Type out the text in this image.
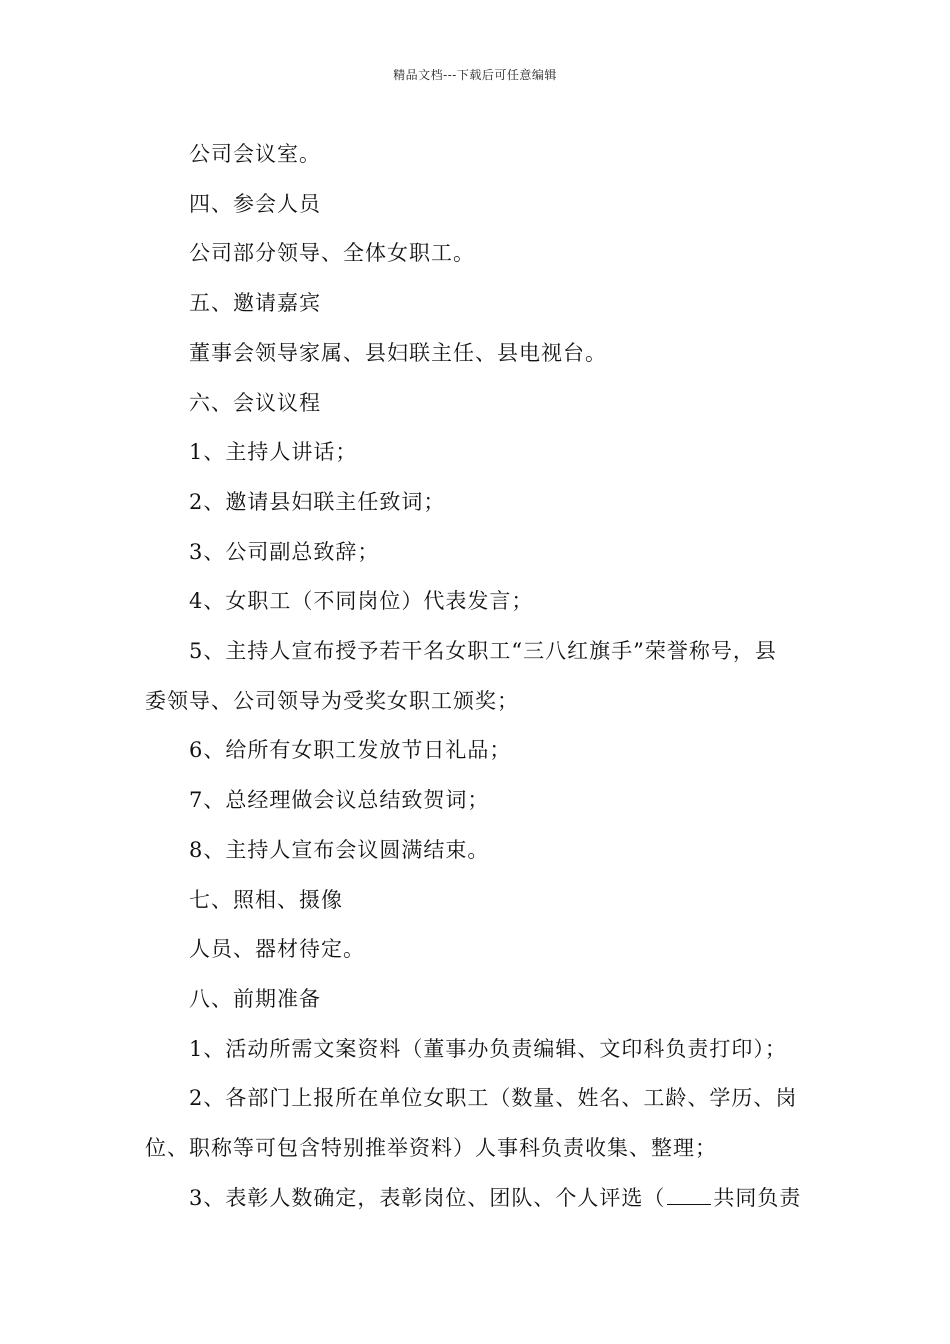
精品文档---下载后可任意编辑
公司会议室。
四、参会人员
公司部分领导、全体女职工。
五、邀请嘉宾
董事会领导家属、县妇联主任、县电视台。
六、会议议程
1、主持人讲话；
2、邀请县妇联主任致词；
3、公司副总致辞；
4、女职工（不同岗位）代表发言；
5、主持人宣布授予若干名女职工“三八红旗手”荣誉称号，县
委领导、公司领导为受奖女职工颁奖；
6、给所有女职工发放节日礼品；
7、总经理做会议总结致贺词；
8、主持人宣布会议圆满结束。
七、照相、摄像
人员、器材待定。
八、前期准备
1、活动所需文案资料（董事办负责编辑、文印科负责打印）；
2、各部门上报所在单位女职工（数量、姓名、工龄、学历、岗
位、职称等可包含特别推举资料）人事科负责收集、整理；
3、表彰人数确定，表彰岗位、团队、个人评选（ 共同负责
